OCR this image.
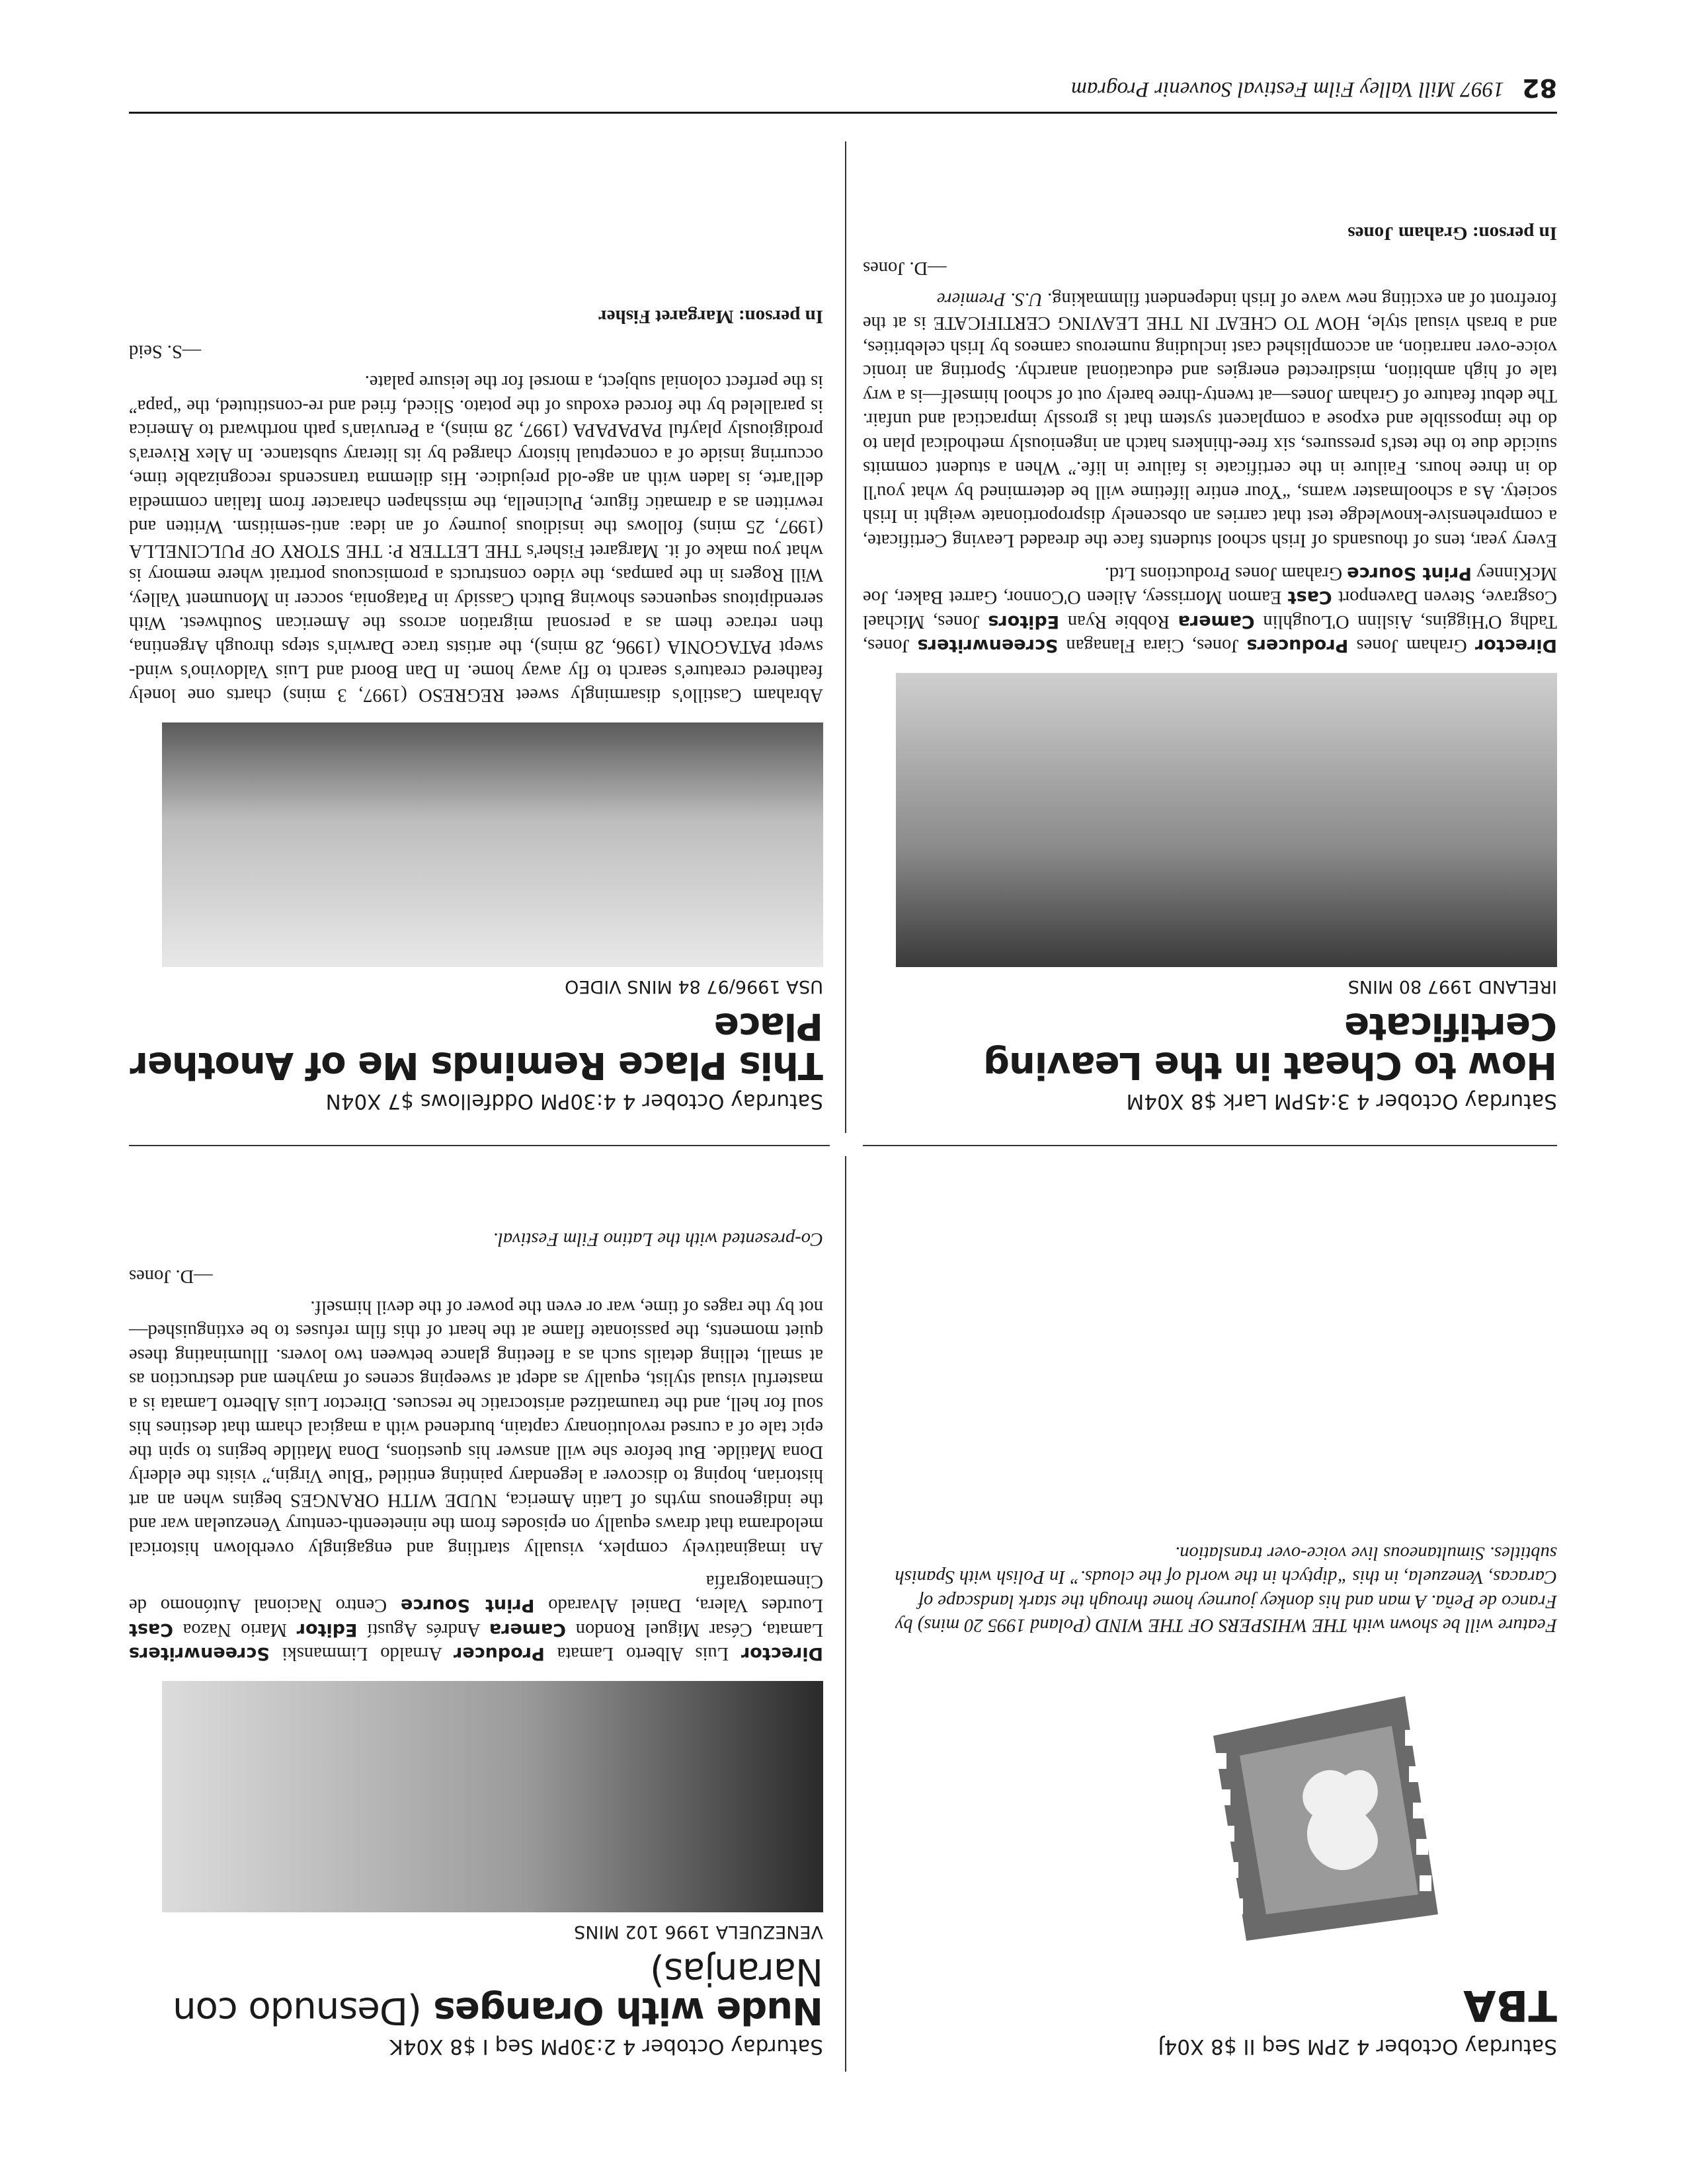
82
1997 Mill Valley Film Festival Souvenir Program

Saturday October 4 3:45PM Lark $8 X04M

How to Cheat in the Leaving Certificate

IRELAND 1997 80 MINS

Director Graham Jones Producers Jones, Ciara Flanagan Screenwriters Jones, Tadhg O'Higgins, Aislinn O'Loughlin Camera Robbie Ryan Editors Jones, Michael Cosgrave, Steven Davenport Cast Eamon Morrissey, Aileen O'Connor, Garret Baker, Joe McKinney Print Source Graham Jones Productions Ltd.

Every year, tens of thousands of Irish school students face the dreaded Leaving Certificate, a comprehensive-knowledge test that carries an obscenely disproportionate weight in Irish society. As a schoolmaster warns, “Your entire lifetime will be determined by what you'll do in three hours. Failure in the certificate is failure in life.” When a student commits suicide due to the test's pressures, six free-thinkers hatch an ingeniously methodical plan to do the impossible and expose a complacent system that is grossly impractical and unfair. The debut feature of Graham Jones—at twenty-three barely out of school himself—is a wry tale of high ambition, misdirected energies and educational anarchy. Sporting an ironic voice-over narration, an accomplished cast including numerous cameos by Irish celebrities, and a brash visual style, HOW TO CHEAT IN THE LEAVING CERTIFICATE is at the forefront of an exciting new wave of Irish independent filmmaking. U.S. Premiere

—D. Jones

In person: Graham Jones

Saturday October 4 4:30PM Oddfellows $7 X04N

This Place Reminds Me of Another Place

USA 1996/97 84 MINS VIDEO

Abraham Castillo's disarmingly sweet REGRESO (1997, 3 mins) charts one lonely feathered creature's search to fly away home. In Dan Boord and Luis Valdovino's wind-swept PATAGONIA (1996, 28 mins), the artists trace Darwin's steps through Argentina, then retrace them as a personal migration across the American Southwest. With serendipitous sequences showing Butch Cassidy in Patagonia, soccer in Monument Valley, Will Rogers in the pampas, the video constructs a promiscuous portrait where memory is what you make of it. Margaret Fisher's THE LETTER P: THE STORY OF PULCINELLA (1997, 25 mins) follows the insidious journey of an idea: anti-semitism. Written and rewritten as a dramatic figure, Pulcinella, the misshapen character from Italian commedia dell'arte, is laden with an age-old prejudice. His dilemma transcends recognizable time, occurring inside of a conceptual history charged by its literary substance. In Alex Rivera's prodigiously playful PAPAPAPA (1997, 28 mins), a Peruvian's path northward to America is paralleled by the forced exodus of the potato. Sliced, fried and re-constituted, the “papa” is the perfect colonial subject, a morsel for the leisure palate.

—S. Seid

In person: Margaret Fisher

Saturday October 4 2PM Seq II $8 X04J

TBA

Feature will be shown with THE WHISPERS OF THE WIND (Poland 1995 20 mins) by Franco de Peña. A man and his donkey journey home through the stark landscape of Caracas, Venezuela, in this “diptych in the world of the clouds.” In Polish with Spanish subtitles. Simultaneous live voice-over translation.

Saturday October 4 2:30PM Seq I $8 X04K

Nude with Oranges (Desnudo con Naranjas)

VENEZUELA 1996 102 MINS

Director Luis Alberto Lamata Producer Arnaldo Limmanski Screenwriters Lamata, César Miguel Rondon Camera Andrés Agustí Editor Mario Nazoa Cast Lourdes Valera, Daniel Alvarado Print Source Centro Nacional Autónomo de Cinematografía

An imaginatively complex, visually startling and engagingly overblown historical melodrama that draws equally on episodes from the nineteenth-century Venezuelan war and the indigenous myths of Latin America, NUDE WITH ORANGES begins when an art historian, hoping to discover a legendary painting entitled “Blue Virgin,” visits the elderly Dona Matilde. But before she will answer his questions, Dona Matilde begins to spin the epic tale of a cursed revolutionary captain, burdened with a magical charm that destines his soul for hell, and the traumatized aristocratic he rescues. Director Luis Alberto Lamata is a masterful visual stylist, equally as adept at sweeping scenes of mayhem and destruction as at small, telling details such as a fleeting glance between two lovers. Illuminating these quiet moments, the passionate flame at the heart of this film refuses to be extinguished—not by the rages of time, war or even the power of the devil himself.

—D. Jones

Co-presented with the Latino Film Festival.
